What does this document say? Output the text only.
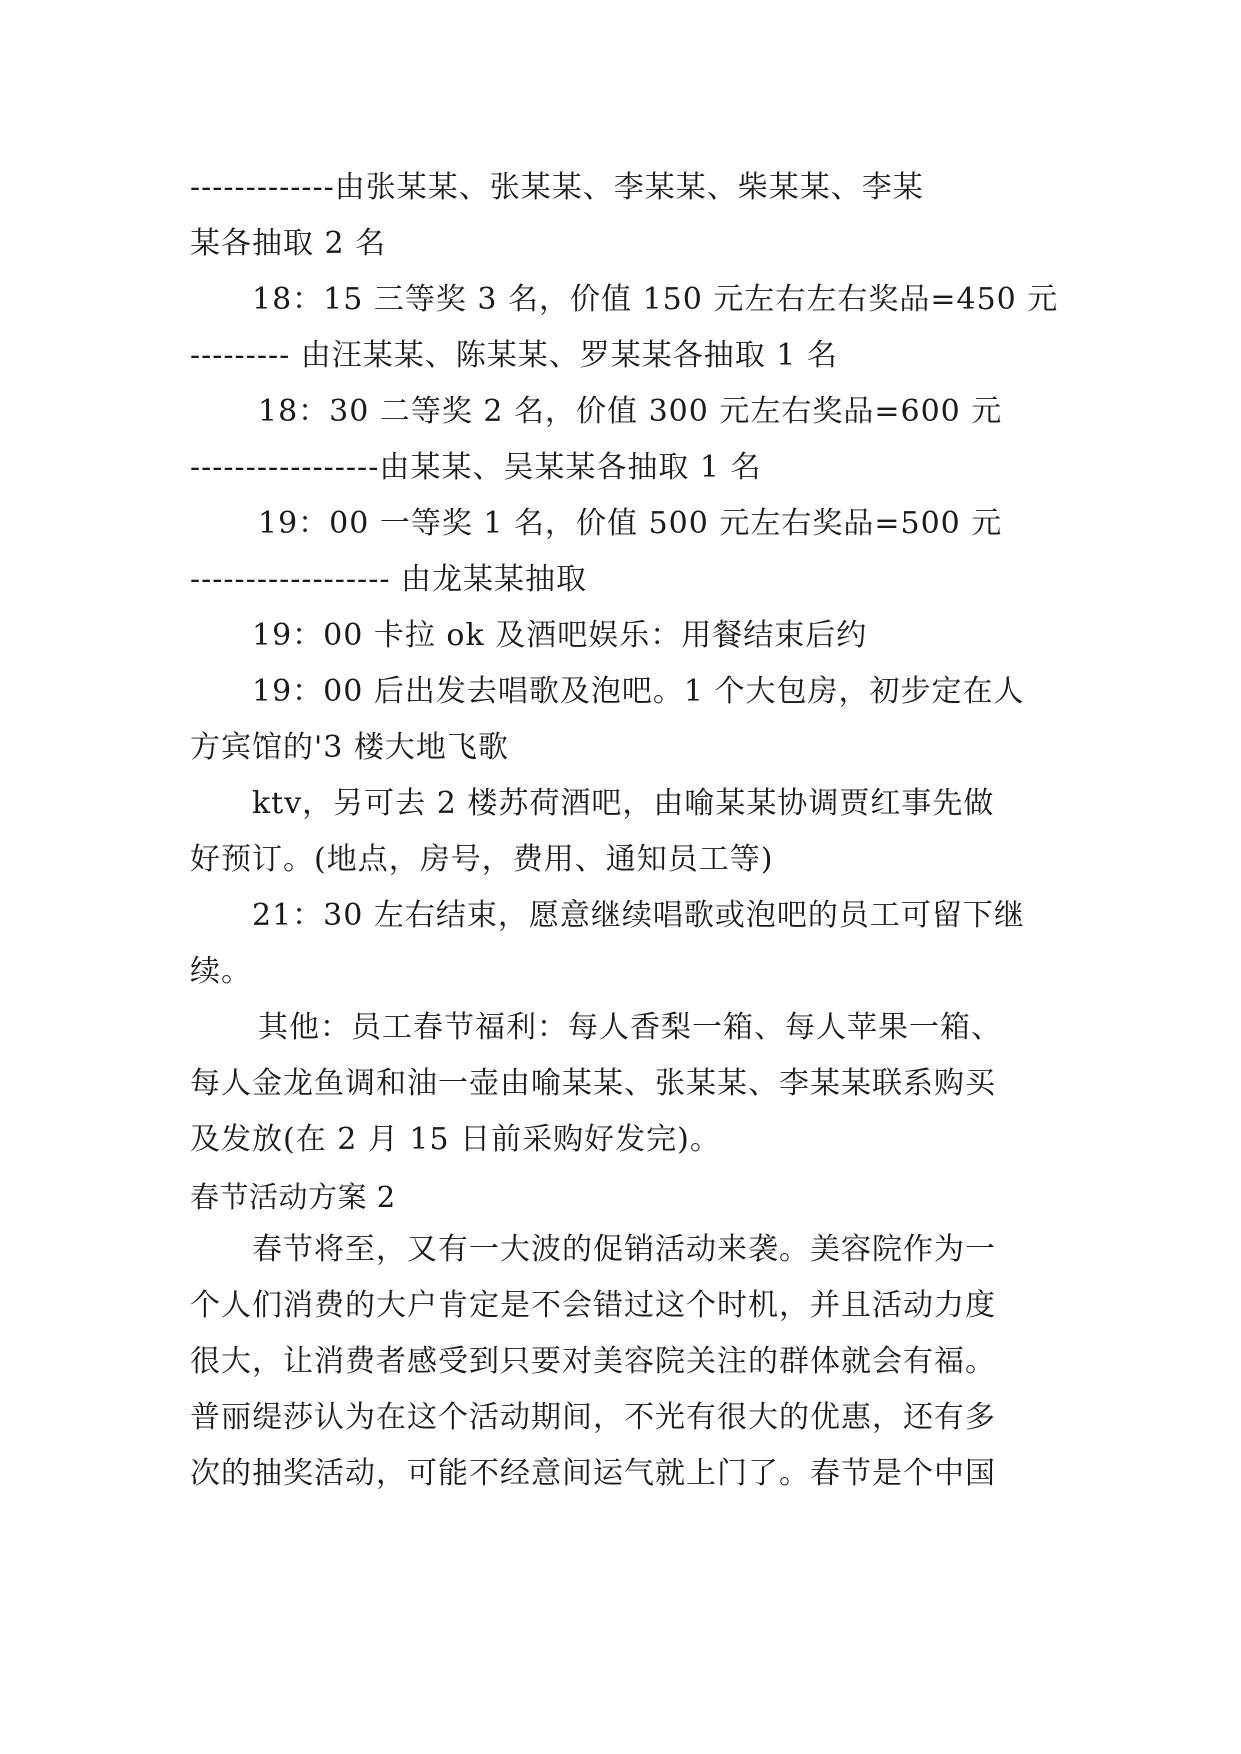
-------------由张某某、张某某、李某某、柴某某、李某
某各抽取 2 名
18：15 三等奖 3 名，价值 150 元左右左右奖品=450 元
--------- 由汪某某、陈某某、罗某某各抽取 1 名
18：30 二等奖 2 名，价值 300 元左右奖品=600 元
-----------------由某某、吴某某各抽取 1 名
19：00 一等奖 1 名，价值 500 元左右奖品=500 元
------------------ 由龙某某抽取
19：00 卡拉 ok 及酒吧娱乐：用餐结束后约
19：00 后出发去唱歌及泡吧。1 个大包房，初步定在人
方宾馆的'3 楼大地飞歌
ktv，另可去 2 楼苏荷酒吧，由喻某某协调贾红事先做
好预订。(地点，房号，费用、通知员工等)
21：30 左右结束，愿意继续唱歌或泡吧的员工可留下继
续。
其他：员工春节福利：每人香梨一箱、每人苹果一箱、
每人金龙鱼调和油一壶由喻某某、张某某、李某某联系购买
及发放(在 2 月 15 日前采购好发完)。
春节活动方案 2
春节将至，又有一大波的促销活动来袭。美容院作为一
个人们消费的大户肯定是不会错过这个时机，并且活动力度
很大，让消费者感受到只要对美容院关注的群体就会有福。
普丽缇莎认为在这个活动期间，不光有很大的优惠，还有多
次的抽奖活动，可能不经意间运气就上门了。春节是个中国
